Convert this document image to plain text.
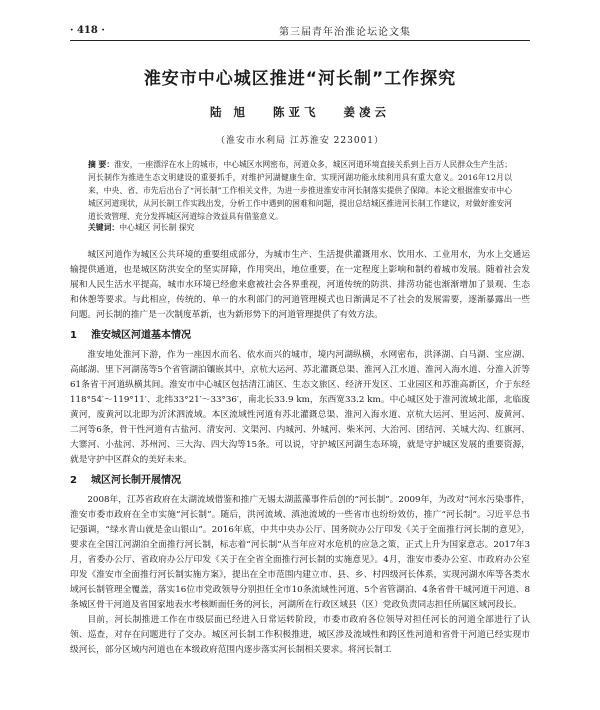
· 418 ·	第三届青年治淮论坛论文集
淮安市中心城区推进“河长制”工作探究
陆 旭 陈亚飞 姜凌云
（淮安市水利局 江苏淮安 223001）

摘 要：淮安，一座漂浮在水上的城市，中心城区水网密布，河道众多，城区河道环境直接关系到上百万人民群众生产生活；河长制作为推进生态文明建设的重要抓手，对维护河湖健康生命、实现河湖功能永续利用具有重大意义。2016年12月以来，中央、省、市先后出台了“河长制”工作相关文件，为进一步推进淮安市河长制落实提供了保障。本论文根据淮安市中心城区河道现状，从河长制工作实践出发，分析工作中遇到的困难和问题，提出总结城区推进河长制工作建议，对做好淮安河道长效管理、充分发挥城区河道综合效益具有借鉴意义。

关键词：中心城区 河长制 探究

城区河道作为城区公共环境的重要组成部分，为城市生产、生活提供灌溉用水、饮用水、工业用水，为水上交通运输提供通道，也是城区防洪安全的坚实屏障，作用突出，地位重要，在一定程度上影响和制约着城市发展。随着社会发展和人民生活水平提高，城市水环境已经愈来愈被社会各界重视，河道传统的防洪、排涝功能也渐渐增加了景观、生态和休憩等要求。与此相应，传统的、单一的水利部门的河道管理模式也日渐满足不了社会的发展需要，逐渐暴露出一些问题。河长制的推广是一次制度革新，也为新形势下的河道管理提供了有效方法。

1 淮安城区河道基本情况

淮安地处淮河下游，作为一座因水而名、依水而兴的城市，境内河湖纵横，水网密布，洪泽湖、白马湖、宝应湖、高邮湖、里下河湖荡等5个省管湖泊镶嵌其中，京杭大运河、苏北灌溉总渠、淮河入江水道、淮河入海水道、分淮入沂等61条省干河道纵横其间。淮安市中心城区包括清江浦区、生态文旅区、经济开发区、工业园区和苏淮高新区，介于东经118°54′～119°11′、北纬33°21′～33°36′，南北长33.9 km，东西宽33.2 km。中心城区处于淮河流域北部，北临废黄河，废黄河以北即为沂沭泗流域。本区流域性河道有苏北灌溉总渠、淮河入海水道、京杭大运河、里运河、废黄河、二河等6条，骨干性河道有古盐河、清安河、文渠河、内城河、外城河、柴米河、大治河、团结河、关城大沟、红旗河、大寨河、小盐河、苏州河、三大沟、四大沟等15条。可以说，守护城区河湖生态环境，就是守护城区发展的重要资源，就是守护中区群众的美好未来。

2 城区河长制开展情况

2008年，江苏省政府在太湖流域借鉴和推广无锡太湖蓝藻事件后创的“河长制”。2009年，为改对“河水污染事件，淮安市委市政府在全市实施“河长制”。随后，洪河流域、滇池流域的一些省市也纷纷效仿，推广“河长制”。习近平总书记强调，“绿水青山就是金山银山”。2016年底，中共中央办公厅、国务院办公厅印发《关于全面推行河长制的意见》，要求在全国江河湖泊全面推行河长制，标志着“河长制”从当年应对水危机的应急之策，正式上升为国家意志。2017年3月，省委办公厅、省政府办公厅印发《关于在全省全面推行河长制的实施意见》。4月，淮安市委办公室、市政府办公室印发《淮安市全面推行河长制实施方案》，提出在全市范围内建立市、县、乡、村四级河长体系，实现河湖水库等各类水域河长制管理全覆盖，落实16位市党政领导分别担任全市10条流域性河道、5个省管湖泊、4条省骨干城河道干河道、8条城区骨干河道及省国家地表水考核断面任务的河长，河湖所在行政区域县（区）党政负责同志担任所属区域河段长。

目前，河长制推进工作在市级层面已经进入日常运转阶段，市委市政府各位领导对担任河长的河道全部进行了认领、巡查，对存在问题进行了交办。城区河长制工作积极推进，城区涉及流域性和跨区性河道和省骨干河道已经实现市级河长，部分区域内河道也在本级政府范围内逐步落实河长制相关要求。将河长制工
